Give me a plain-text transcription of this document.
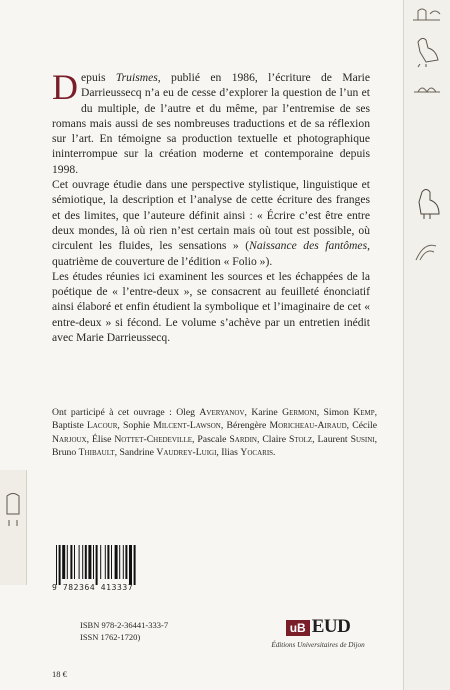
Depuis Truismes, publié en 1986, l’écriture de Marie Darrieussecq n’a eu de cesse d’explorer la question de l’un et du multiple, de l’autre et du même, par l’entremise de ses romans mais aussi de ses nombreuses traductions et de sa réflexion sur l’art. En témoigne sa production textuelle et photographique ininterrompue sur la création moderne et contemporaine depuis 1998.

Cet ouvrage étudie dans une perspective stylistique, linguistique et sémiotique, la description et l’analyse de cette écriture des franges et des limites, que l’auteure définit ainsi : « Écrire c’est être entre deux mondes, là où rien n’est certain mais où tout est possible, où circulent les fluides, les sensations » (Naissance des fantômes, quatrième de couverture de l’édition « Folio »).

Les études réunies ici examinent les sources et les échappées de la poétique de « l’entre-deux », se consacrent au feuilleté énonciatif ainsi élaboré et enfin étudient la symbolique et l’imaginaire de cet « entre-deux » si fécond. Le volume s’achève par un entretien inédit avec Marie Darrieussecq.

Ont participé à cet ouvrage : Oleg Averyanov, Karine Germoni, Simon Kemp, Baptiste Lacour, Sophie Milcent-Lawson, Bérengère Moricheau-Airaud, Cécile Narjoux, Élise Nottet-Chedeville, Pascale Sardin, Claire Stolz, Laurent Susini, Bruno Thibault, Sandrine Vaudrey-Luigi, Ilias Yocaris.
9 782364 413337
ISBN 978-2-36441-333-7
ISSN 1762-1720)
18 €
uB EUD
Éditions Universitaires de Dijon
